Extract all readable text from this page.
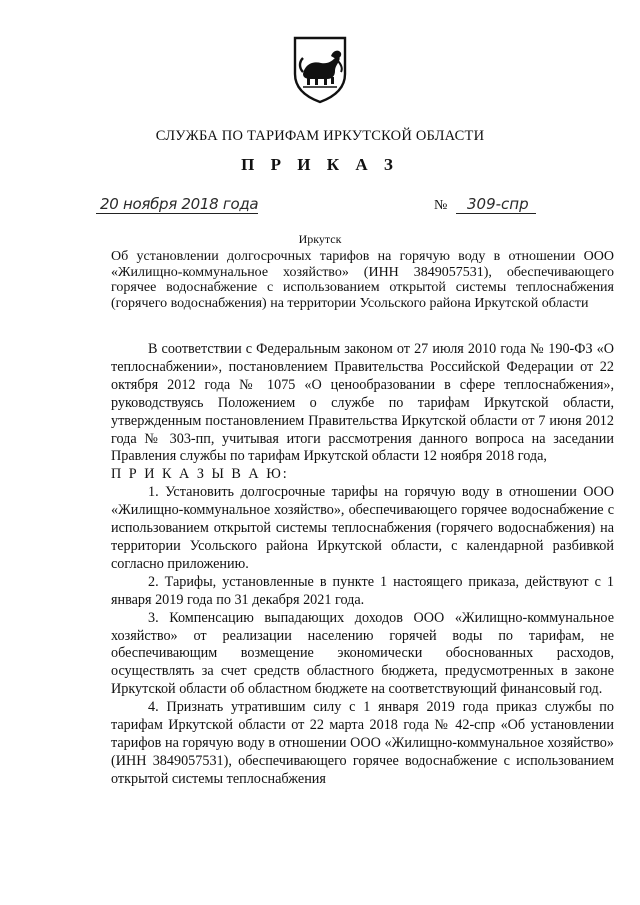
СЛУЖБА ПО ТАРИФАМ ИРКУТСКОЙ ОБЛАСТИ
П Р И К А З
20 ноября 2018 года	№ 309-спр
Иркутск
Об установлении долгосрочных тарифов на горячую воду в отношении ООО «Жилищно-коммунальное хозяйство» (ИНН 3849057531), обеспечивающего горячее водоснабжение с использованием открытой системы теплоснабжения (горячего водоснабжения) на территории Усольского района Иркутской области

В соответствии с Федеральным законом от 27 июля 2010 года № 190-ФЗ «О теплоснабжении», постановлением Правительства Российской Федерации от 22 октября 2012 года № 1075 «О ценообразовании в сфере теплоснабжения», руководствуясь Положением о службе по тарифам Иркутской области, утвержденным постановлением Правительства Иркутской области от 7 июня 2012 года № 303-пп, учитывая итоги рассмотрения данного вопроса на заседании Правления службы по тарифам Иркутской области 12 ноября 2018 года,

П Р И К А З Ы В А Ю:

1. Установить долгосрочные тарифы на горячую воду в отношении ООО «Жилищно-коммунальное хозяйство», обеспечивающего горячее водоснабжение с использованием открытой системы теплоснабжения (горячего водоснабжения) на территории Усольского района Иркутской области, с календарной разбивкой согласно приложению.

2. Тарифы, установленные в пункте 1 настоящего приказа, действуют с 1 января 2019 года по 31 декабря 2021 года.

3. Компенсацию выпадающих доходов ООО «Жилищно-коммунальное хозяйство» от реализации населению горячей воды по тарифам, не обеспечивающим возмещение экономически обоснованных расходов, осуществлять за счет средств областного бюджета, предусмотренных в законе Иркутской области об областном бюджете на соответствующий финансовый год.

4. Признать утратившим силу с 1 января 2019 года приказ службы по тарифам Иркутской области от 22 марта 2018 года № 42-спр «Об установлении тарифов на горячую воду в отношении ООО «Жилищно-коммунальное хозяйство» (ИНН 3849057531), обеспечивающего горячее водоснабжение с использованием открытой системы теплоснабжения
